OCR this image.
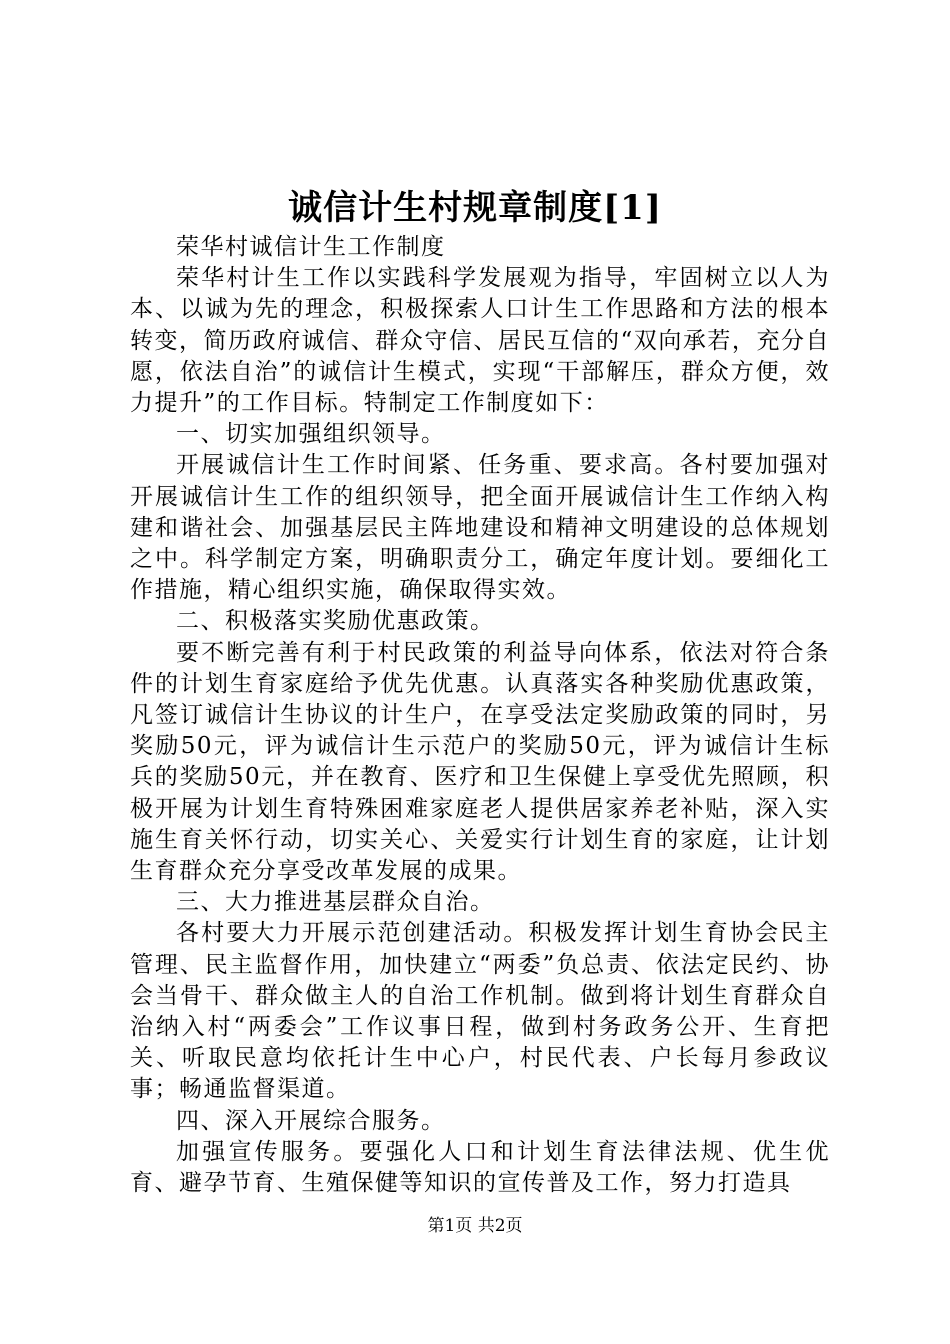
诚信计生村规章制度[1]

荣华村诚信计生工作制度

荣华村计生工作以实践科学发展观为指导，牢固树立以人为本、以诚为先的理念，积极探索人口计生工作思路和方法的根本转变，简历政府诚信、群众守信、居民互信的“双向承若，充分自愿，依法自治”的诚信计生模式，实现“干部解压，群众方便，效力提升”的工作目标。特制定工作制度如下：

一、切实加强组织领导。

开展诚信计生工作时间紧、任务重、要求高。各村要加强对开展诚信计生工作的组织领导，把全面开展诚信计生工作纳入构建和谐社会、加强基层民主阵地建设和精神文明建设的总体规划之中。科学制定方案，明确职责分工，确定年度计划。要细化工作措施，精心组织实施，确保取得实效。

二、积极落实奖励优惠政策。

要不断完善有利于村民政策的利益导向体系，依法对符合条件的计划生育家庭给予优先优惠。认真落实各种奖励优惠政策，凡签订诚信计生协议的计生户，在享受法定奖励政策的同时，另奖励50元，评为诚信计生示范户的奖励50元，评为诚信计生标兵的奖励50元，并在教育、医疗和卫生保健上享受优先照顾，积极开展为计划生育特殊困难家庭老人提供居家养老补贴，深入实施生育关怀行动，切实关心、关爱实行计划生育的家庭，让计划生育群众充分享受改革发展的成果。

三、大力推进基层群众自治。

各村要大力开展示范创建活动。积极发挥计划生育协会民主管理、民主监督作用，加快建立“两委”负总责、依法定民约、协会当骨干、群众做主人的自治工作机制。做到将计划生育群众自治纳入村“两委会”工作议事日程，做到村务政务公开、生育把关、听取民意均依托计生中心户，村民代表、户长每月参政议事；畅通监督渠道。

四、深入开展综合服务。

加强宣传服务。要强化人口和计划生育法律法规、优生优育、避孕节育、生殖保健等知识的宣传普及工作，努力打造具

第1页 共2页
